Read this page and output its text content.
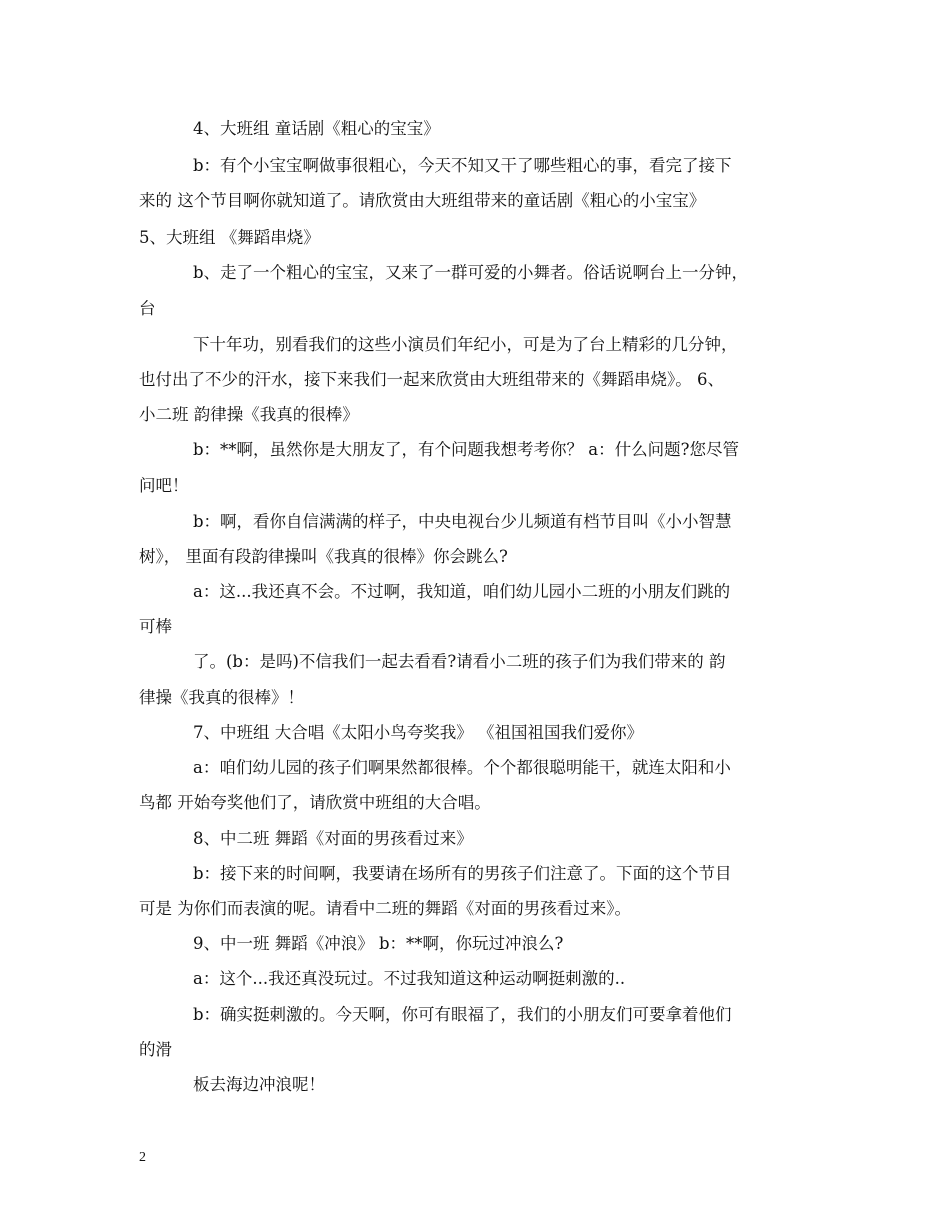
4、大班组 童话剧《粗心的宝宝》
b：有个小宝宝啊做事很粗心，今天不知又干了哪些粗心的事，看完了接下
来的 这个节目啊你就知道了。请欣赏由大班组带来的童话剧《粗心的小宝宝》
5、大班组 《舞蹈串烧》
b、走了一个粗心的宝宝，又来了一群可爱的小舞者。俗话说啊台上一分钟，
台
下十年功，别看我们的这些小演员们年纪小，可是为了台上精彩的几分钟，
也付出了不少的汗水，接下来我们一起来欣赏由大班组带来的《舞蹈串烧》。 6、
小二班 韵律操《我真的很棒》
b：**啊，虽然你是大朋友了，有个问题我想考考你？ a：什么问题?您尽管
问吧！
b：啊，看你自信满满的样子，中央电视台少儿频道有档节目叫《小小智慧
树》， 里面有段韵律操叫《我真的很棒》你会跳么?
a：这...我还真不会。不过啊，我知道，咱们幼儿园小二班的小朋友们跳的
可棒
了。(b：是吗)不信我们一起去看看?请看小二班的孩子们为我们带来的 韵
律操《我真的很棒》！
7、中班组 大合唱《太阳小鸟夸奖我》 《祖国祖国我们爱你》
a：咱们幼儿园的孩子们啊果然都很棒。个个都很聪明能干，就连太阳和小
鸟都 开始夸奖他们了，请欣赏中班组的大合唱。
8、中二班 舞蹈《对面的男孩看过来》
b：接下来的时间啊，我要请在场所有的男孩子们注意了。下面的这个节目
可是 为你们而表演的呢。请看中二班的舞蹈《对面的男孩看过来》。
9、中一班 舞蹈《冲浪》 b：**啊，你玩过冲浪么?
a：这个...我还真没玩过。不过我知道这种运动啊挺刺激的..
b：确实挺刺激的。今天啊，你可有眼福了，我们的小朋友们可要拿着他们
的滑
板去海边冲浪呢！
2
